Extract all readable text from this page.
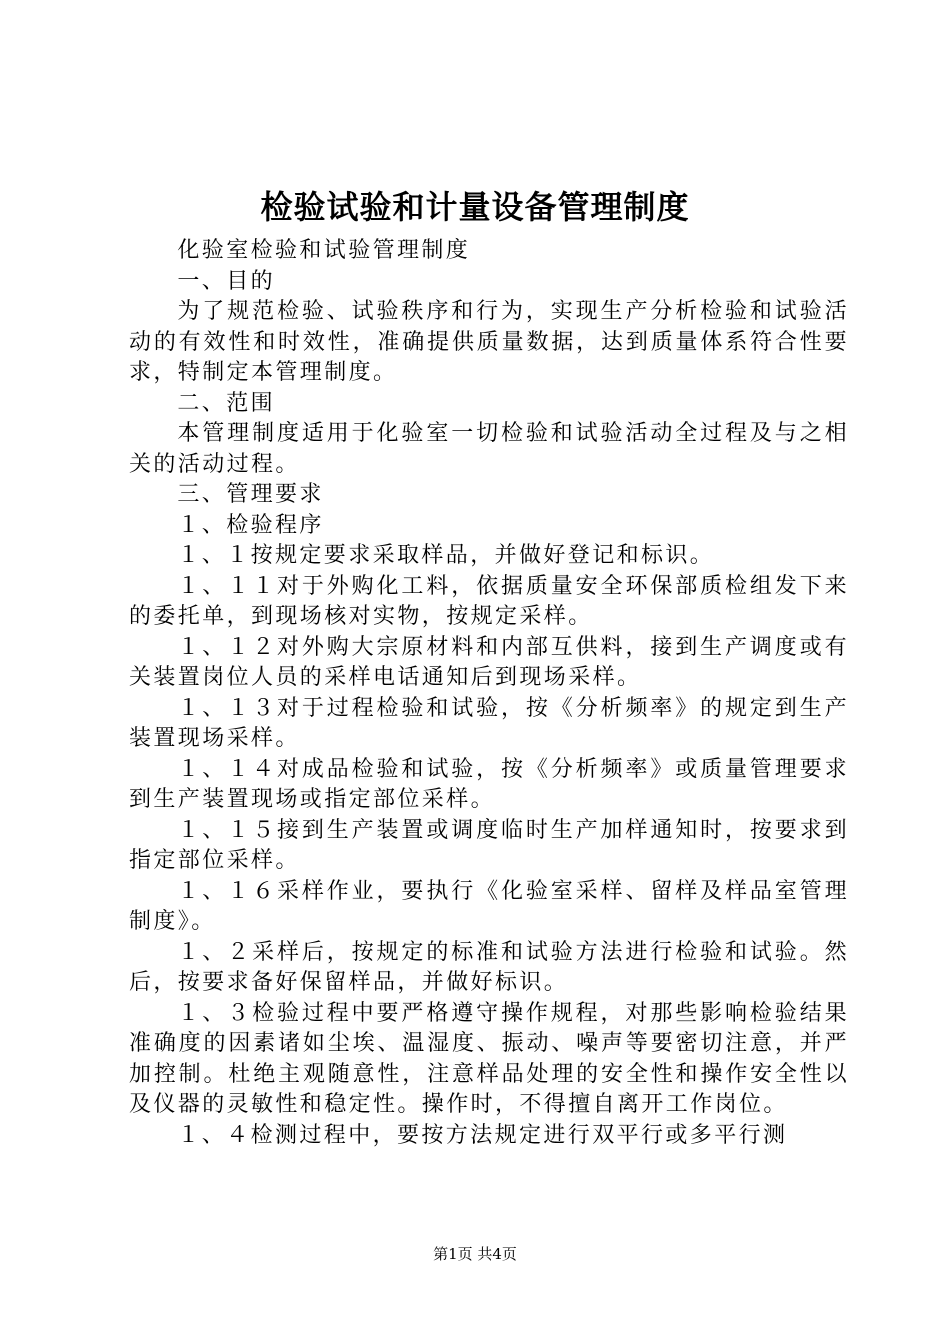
检验试验和计量设备管理制度

化验室检验和试验管理制度

一、目的

为了规范检验、试验秩序和行为，实现生产分析检验和试验活动的有效性和时效性，准确提供质量数据，达到质量体系符合性要求，特制定本管理制度。

二、范围

本管理制度适用于化验室一切检验和试验活动全过程及与之相关的活动过程。

三、管理要求

１、检验程序

１、１按规定要求采取样品，并做好登记和标识。

１、１１对于外购化工料，依据质量安全环保部质检组发下来的委托单，到现场核对实物，按规定采样。

１、１２对外购大宗原材料和内部互供料，接到生产调度或有关装置岗位人员的采样电话通知后到现场采样。

１、１３对于过程检验和试验，按《分析频率》的规定到生产装置现场采样。

１、１４对成品检验和试验，按《分析频率》或质量管理要求到生产装置现场或指定部位采样。

１、１５接到生产装置或调度临时生产加样通知时，按要求到指定部位采样。

１、１６采样作业，要执行《化验室采样、留样及样品室管理制度》。

１、２采样后，按规定的标准和试验方法进行检验和试验。然后，按要求备好保留样品，并做好标识。

１、３检验过程中要严格遵守操作规程，对那些影响检验结果准确度的因素诸如尘埃、温湿度、振动、噪声等要密切注意，并严加控制。杜绝主观随意性，注意样品处理的安全性和操作安全性以及仪器的灵敏性和稳定性。操作时，不得擅自离开工作岗位。

１、４检测过程中，要按方法规定进行双平行或多平行测

第1页 共4页
